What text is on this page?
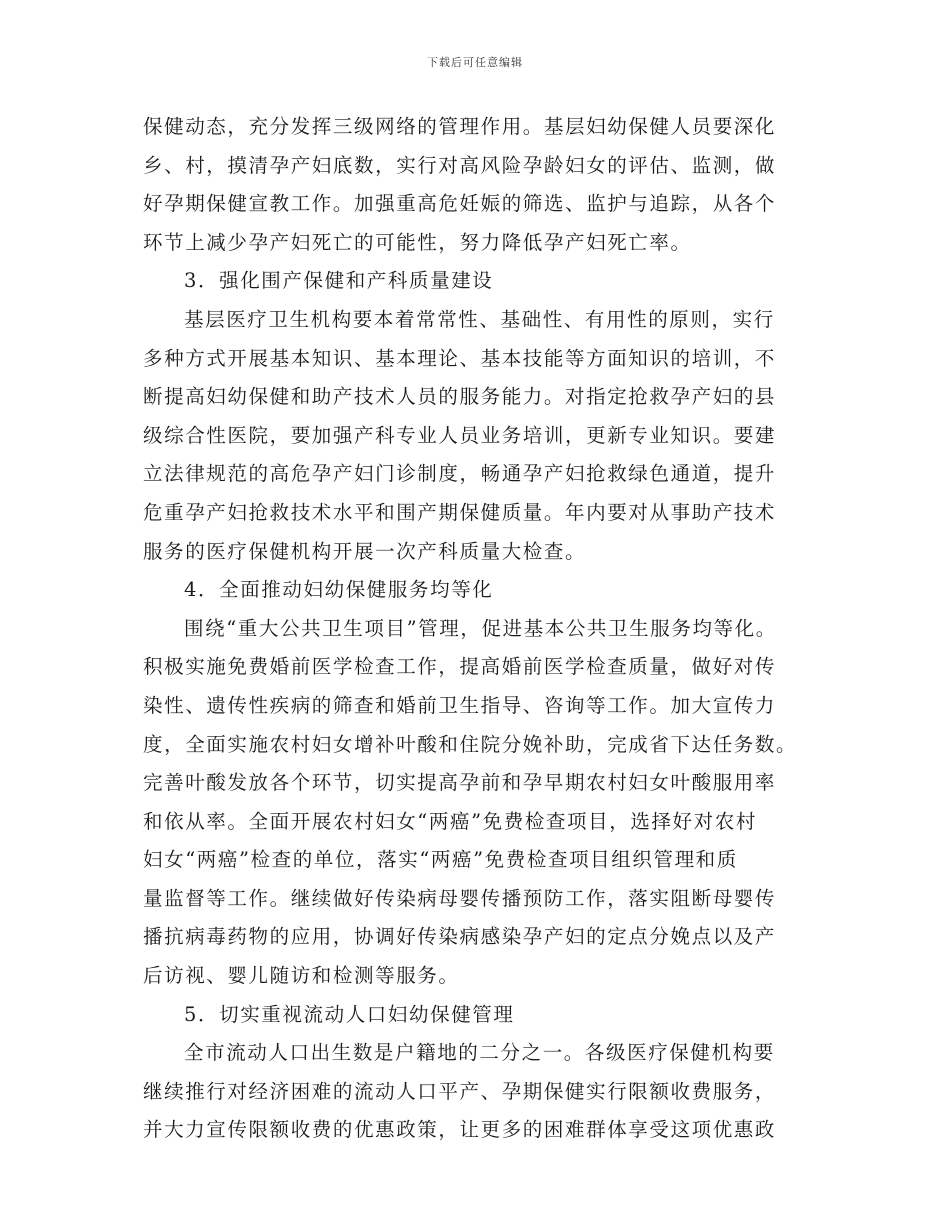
下载后可任意编辑
保健动态，充分发挥三级网络的管理作用。基层妇幼保健人员要深化
乡、村，摸清孕产妇底数，实行对高风险孕龄妇女的评估、监测，做
好孕期保健宣教工作。加强重高危妊娠的筛选、监护与追踪，从各个
环节上减少孕产妇死亡的可能性，努力降低孕产妇死亡率。
3．强化围产保健和产科质量建设
基层医疗卫生机构要本着常常性、基础性、有用性的原则，实行
多种方式开展基本知识、基本理论、基本技能等方面知识的培训，不
断提高妇幼保健和助产技术人员的服务能力。对指定抢救孕产妇的县
级综合性医院，要加强产科专业人员业务培训，更新专业知识。要建
立法律规范的高危孕产妇门诊制度，畅通孕产妇抢救绿色通道，提升
危重孕产妇抢救技术水平和围产期保健质量。年内要对从事助产技术
服务的医疗保健机构开展一次产科质量大检查。
4．全面推动妇幼保健服务均等化
围绕“重大公共卫生项目”管理，促进基本公共卫生服务均等化。
积极实施免费婚前医学检查工作，提高婚前医学检查质量，做好对传
染性、遗传性疾病的筛查和婚前卫生指导、咨询等工作。加大宣传力
度，全面实施农村妇女增补叶酸和住院分娩补助，完成省下达任务数。
完善叶酸发放各个环节，切实提高孕前和孕早期农村妇女叶酸服用率
和依从率。全面开展农村妇女“两癌”免费检查项目，选择好对农村
妇女“两癌”检查的单位，落实“两癌”免费检查项目组织管理和质
量监督等工作。继续做好传染病母婴传播预防工作，落实阻断母婴传
播抗病毒药物的应用，协调好传染病感染孕产妇的定点分娩点以及产
后访视、婴儿随访和检测等服务。
5．切实重视流动人口妇幼保健管理
全市流动人口出生数是户籍地的二分之一。各级医疗保健机构要
继续推行对经济困难的流动人口平产、孕期保健实行限额收费服务，
并大力宣传限额收费的优惠政策，让更多的困难群体享受这项优惠政
